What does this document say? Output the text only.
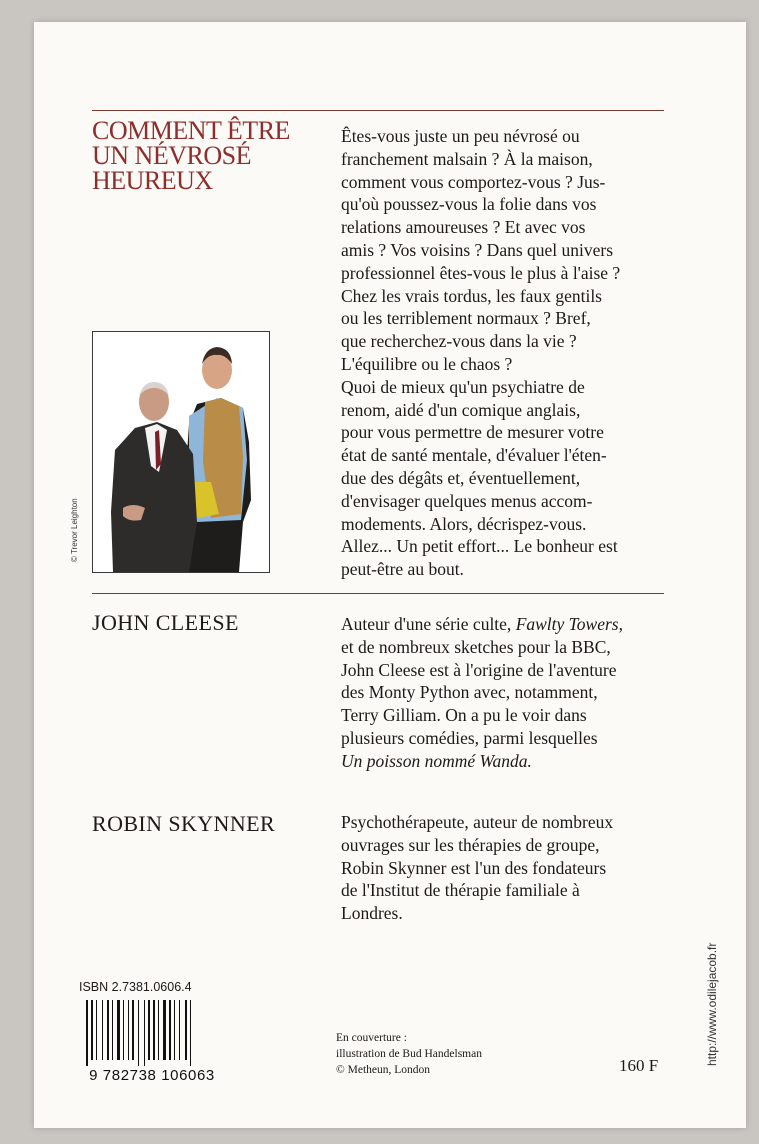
COMMENT ÊTRE
UN NÉVROSÉ
HEUREUX
Êtes-vous juste un peu névrosé ou
franchement malsain ? À la maison,
comment vous comportez-vous ? Jus-
qu'où poussez-vous la folie dans vos
relations amoureuses ? Et avec vos
amis ? Vos voisins ? Dans quel univers
professionnel êtes-vous le plus à l'aise ?
Chez les vrais tordus, les faux gentils
ou les terriblement normaux ? Bref,
que recherchez-vous dans la vie ?
L'équilibre ou le chaos ?
Quoi de mieux qu'un psychiatre de
renom, aidé d'un comique anglais,
pour vous permettre de mesurer votre
état de santé mentale, d'évaluer l'éten-
due des dégâts et, éventuellement,
d'envisager quelques menus accom-
modements. Alors, décrispez-vous.
Allez... Un petit effort... Le bonheur est
peut-être au bout.
© Trevor Leighton
JOHN CLEESE	Auteur d'une série culte, Fawlty Towers,
et de nombreux sketches pour la BBC,
John Cleese est à l'origine de l'aventure
des Monty Python avec, notamment,
Terry Gilliam. On a pu le voir dans
plusieurs comédies, parmi lesquelles
Un poisson nommé Wanda.
ROBIN SKYNNER	Psychothérapeute, auteur de nombreux
ouvrages sur les thérapies de groupe,
Robin Skynner est l'un des fondateurs
de l'Institut de thérapie familiale à
Londres.
ISBN 2.7381.0606.4
9 782738 106063
En couverture :
illustration de Bud Handelsman
© Metheun, London	160 F	http://www.odilejacob.fr
